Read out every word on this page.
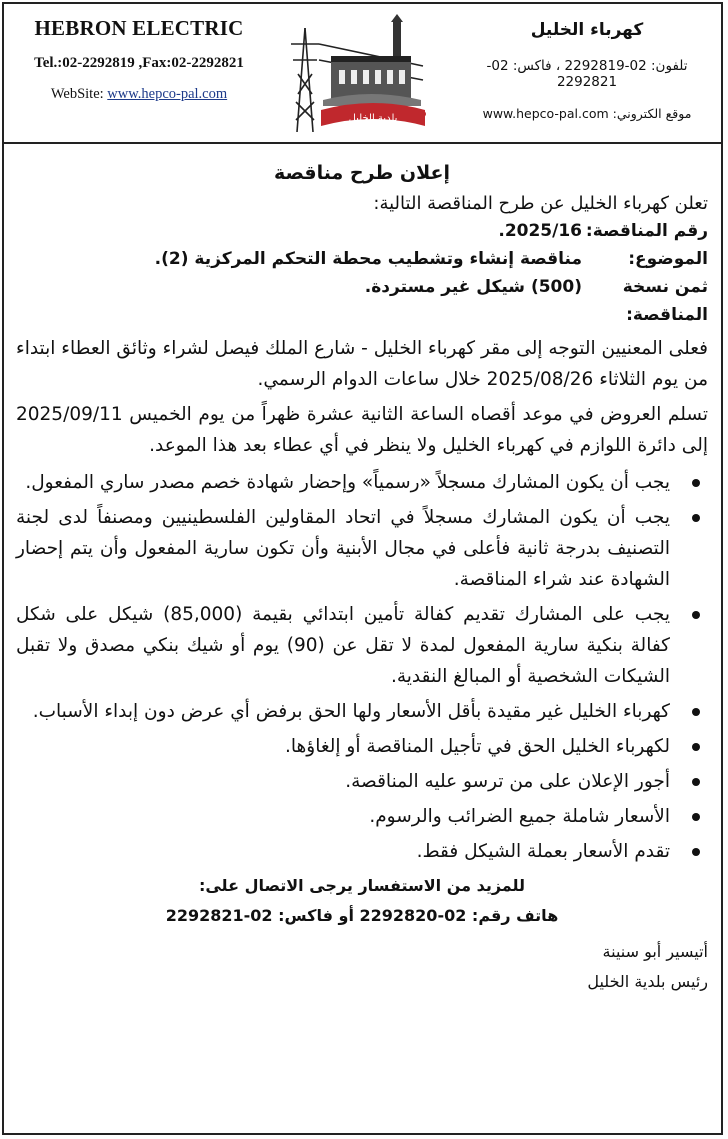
HEBRON ELECTRIC
Tel.:02-2292819 ,Fax:02-2292821
WebSite: www.hepco-pal.com
بلدية الخليل
كهرباء الخليل
تلفون: 02-2292819 ، فاكس: 02-2292821
موقع الكتروني: www.hepco-pal.com
إعلان طرح مناقصة
تعلن كهرباء الخليل عن طرح المناقصة التالية:
رقم المناقصة:
2025/16.
الموضوع:
مناقصة إنشاء وتشطيب محطة التحكم المركزية (2).
ثمن نسخة المناقصة:
(500) شيكل غير مستردة.
فعلى المعنيين التوجه إلى مقر كهرباء الخليل - شارع الملك فيصل لشراء وثائق العطاء ابتداء من يوم الثلاثاء 2025/08/26 خلال ساعات الدوام الرسمي.
تسلم العروض في موعد أقصاه الساعة الثانية عشرة ظهراً من يوم الخميس 2025/09/11 إلى دائرة اللوازم في كهرباء الخليل ولا ينظر في أي عطاء بعد هذا الموعد.
يجب أن يكون المشارك مسجلاً «رسمياً» وإحضار شهادة خصم مصدر ساري المفعول.
يجب أن يكون المشارك مسجلاً في اتحاد المقاولين الفلسطينيين ومصنفاً لدى لجنة التصنيف بدرجة ثانية فأعلى في مجال الأبنية وأن تكون سارية المفعول وأن يتم إحضار الشهادة عند شراء المناقصة.
يجب على المشارك تقديم كفالة تأمين ابتدائي بقيمة (85,000) شيكل على شكل كفالة بنكية سارية المفعول لمدة لا تقل عن (90) يوم أو شيك بنكي مصدق ولا تقبل الشيكات الشخصية أو المبالغ النقدية.
كهرباء الخليل غير مقيدة بأقل الأسعار ولها الحق برفض أي عرض دون إبداء الأسباب.
لكهرباء الخليل الحق في تأجيل المناقصة أو إلغاؤها.
أجور الإعلان على من ترسو عليه المناقصة.
الأسعار شاملة جميع الضرائب والرسوم.
تقدم الأسعار بعملة الشيكل فقط.
للمزيد من الاستفسار يرجى الاتصال على:
هاتف رقم: 02-2292820 أو فاكس: 02-2292821
أتيسير أبو سنينة
رئيس بلدية الخليل
